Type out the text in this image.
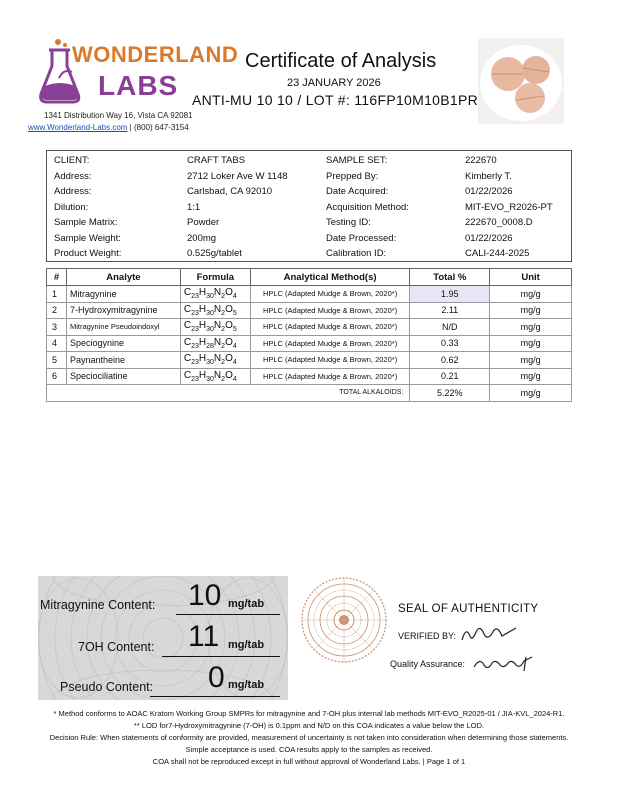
WONDERLAND
LABS
1341 Distribution Way 16, Vista CA 92081
www.Wonderland-Labs.com | (800) 647-3154
Certificate of Analysis
23 JANUARY 2026
ANTI-MU 10 10 / LOT #: 116FP10M10B1PR
CLIENT:	CRAFT TABS	SAMPLE SET:	222670
Address:	2712 Loker Ave W 1148	Prepped By:	Kimberly T.
Address:	Carlsbad, CA 92010	Date Acquired:	01/22/2026
Dilution:	1:1	Acquisition Method:	MIT-EVO_R2026-PT
Sample Matrix:	Powder	Testing ID:	222670_0008.D
Sample Weight:	200mg	Date Processed:	01/22/2026
Product Weight:	0.525g/tablet	Calibration ID:	CALI-244-2025
#	Analyte	Formula	Analytical Method(s)	Total %	Unit
1	Mitragynine	$C_{23}H_{30}N_2O_4$	HPLC (Adapted Mudge & Brown, 2020*)	1.95	mg/g
2	7-Hydroxymitragynine	$C_{23}H_{30}N_2O_5$	HPLC (Adapted Mudge & Brown, 2020*)	2.11	mg/g
3	Mitragynine Pseudoindoxyl	$C_{23}H_{30}N_2O_5$	HPLC (Adapted Mudge & Brown, 2020*)	N/D	mg/g
4	Speciogynine	$C_{23}H_{28}N_2O_4$	HPLC (Adapted Mudge & Brown, 2020*)	0.33	mg/g
5	Paynantheine	$C_{23}H_{30}N_2O_4$	HPLC (Adapted Mudge & Brown, 2020*)	0.62	mg/g
6	Speciociliatine	$C_{23}H_{30}N_2O_4$	HPLC (Adapted Mudge & Brown, 2020*)	0.21	mg/g
TOTAL ALKALOIDS:				5.22%	mg/g
Mitragynine Content: 10 mg/tab
7OH Content: 11 mg/tab
Pseudo Content: 0 mg/tab
SEAL OF AUTHENTICITY
VERIFIED BY:
Quality Assurance:
* Method conforms to AOAC Kratom Working Group SMPRs for mitragynine and 7-OH plus internal lab methods MIT-EVO_R2025-01 / JIA-KVL_2024-R1.
** LOD for7-Hydroxymitragynine (7-OH) is 0.1ppm and N/D on this COA indicates a value below the LOD.
Decision Rule: When statements of conformity are provided, measurement of uncertainty is not taken into consideration when determining those statements.
Simple acceptance is used. COA results apply to the samples as received.
COA shall not be reproduced except in full without approval of Wonderland Labs. | Page 1 of 1
